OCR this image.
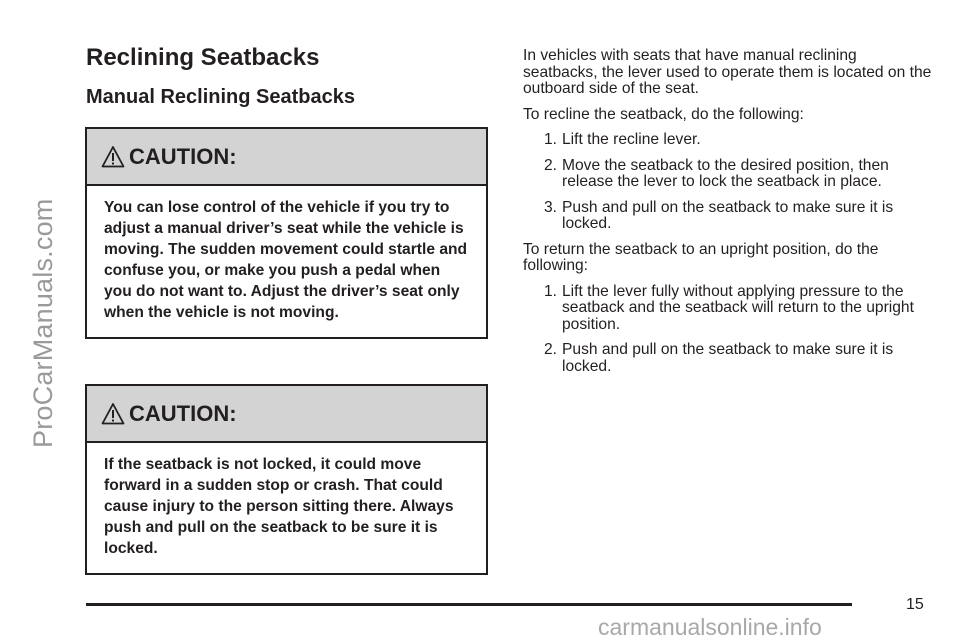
ProCarManuals.com
Reclining Seatbacks
Manual Reclining Seatbacks
CAUTION:
You can lose control of the vehicle if you try to adjust a manual driver’s seat while the vehicle is moving. The sudden movement could startle and confuse you, or make you push a pedal when you do not want to. Adjust the driver’s seat only when the vehicle is not moving.
CAUTION:
If the seatback is not locked, it could move forward in a sudden stop or crash. That could cause injury to the person sitting there. Always push and pull on the seatback to be sure it is locked.

In vehicles with seats that have manual reclining seatbacks, the lever used to operate them is located on the outboard side of the seat.

To recline the seatback, do the following:

1. Lift the recline lever.
2. Move the seatback to the desired position, then release the lever to lock the seatback in place.
3. Push and pull on the seatback to make sure it is locked.

To return the seatback to an upright position, do the following:

1. Lift the lever fully without applying pressure to the seatback and the seatback will return to the upright position.
2. Push and pull on the seatback to make sure it is locked.
15
carmanualsonline.info
